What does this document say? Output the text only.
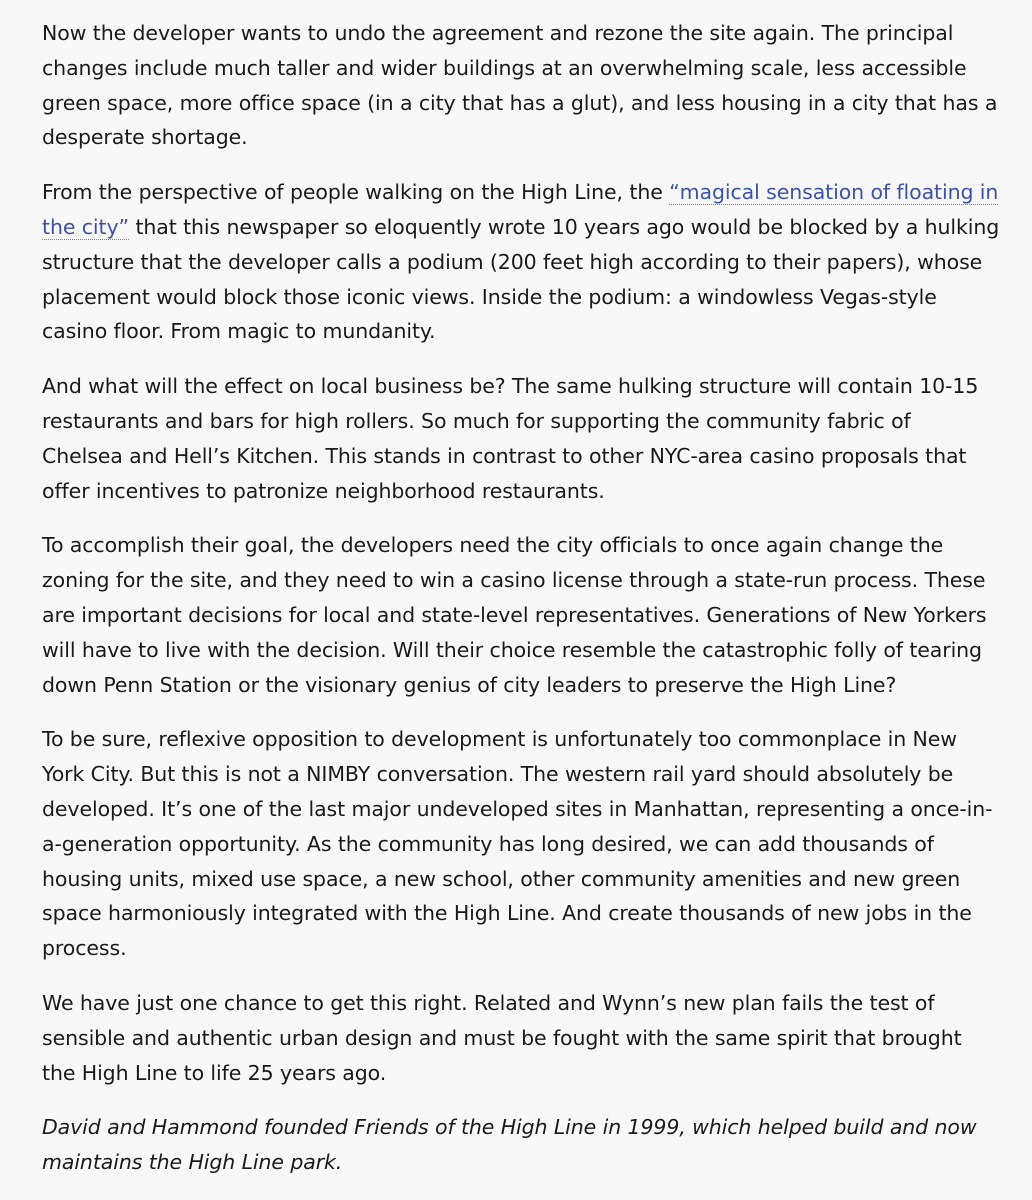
Now the developer wants to undo the agreement and rezone the site again. The principal
changes include much taller and wider buildings at an overwhelming scale, less accessible
green space, more office space (in a city that has a glut), and less housing in a city that has a
desperate shortage.

From the perspective of people walking on the High Line, the “magical sensation of floating in
the city” that this newspaper so eloquently wrote 10 years ago would be blocked by a hulking
structure that the developer calls a podium (200 feet high according to their papers), whose
placement would block those iconic views. Inside the podium: a windowless Vegas-style
casino floor. From magic to mundanity.

And what will the effect on local business be? The same hulking structure will contain 10-15
restaurants and bars for high rollers. So much for supporting the community fabric of
Chelsea and Hell’s Kitchen. This stands in contrast to other NYC-area casino proposals that
offer incentives to patronize neighborhood restaurants.

To accomplish their goal, the developers need the city officials to once again change the
zoning for the site, and they need to win a casino license through a state-run process. These
are important decisions for local and state-level representatives. Generations of New Yorkers
will have to live with the decision. Will their choice resemble the catastrophic folly of tearing
down Penn Station or the visionary genius of city leaders to preserve the High Line?

To be sure, reflexive opposition to development is unfortunately too commonplace in New
York City. But this is not a NIMBY conversation. The western rail yard should absolutely be
developed. It’s one of the last major undeveloped sites in Manhattan, representing a once-in-
a-generation opportunity. As the community has long desired, we can add thousands of
housing units, mixed use space, a new school, other community amenities and new green
space harmoniously integrated with the High Line. And create thousands of new jobs in the
process.

We have just one chance to get this right. Related and Wynn’s new plan fails the test of
sensible and authentic urban design and must be fought with the same spirit that brought
the High Line to life 25 years ago.

David and Hammond founded Friends of the High Line in 1999, which helped build and now
maintains the High Line park.
